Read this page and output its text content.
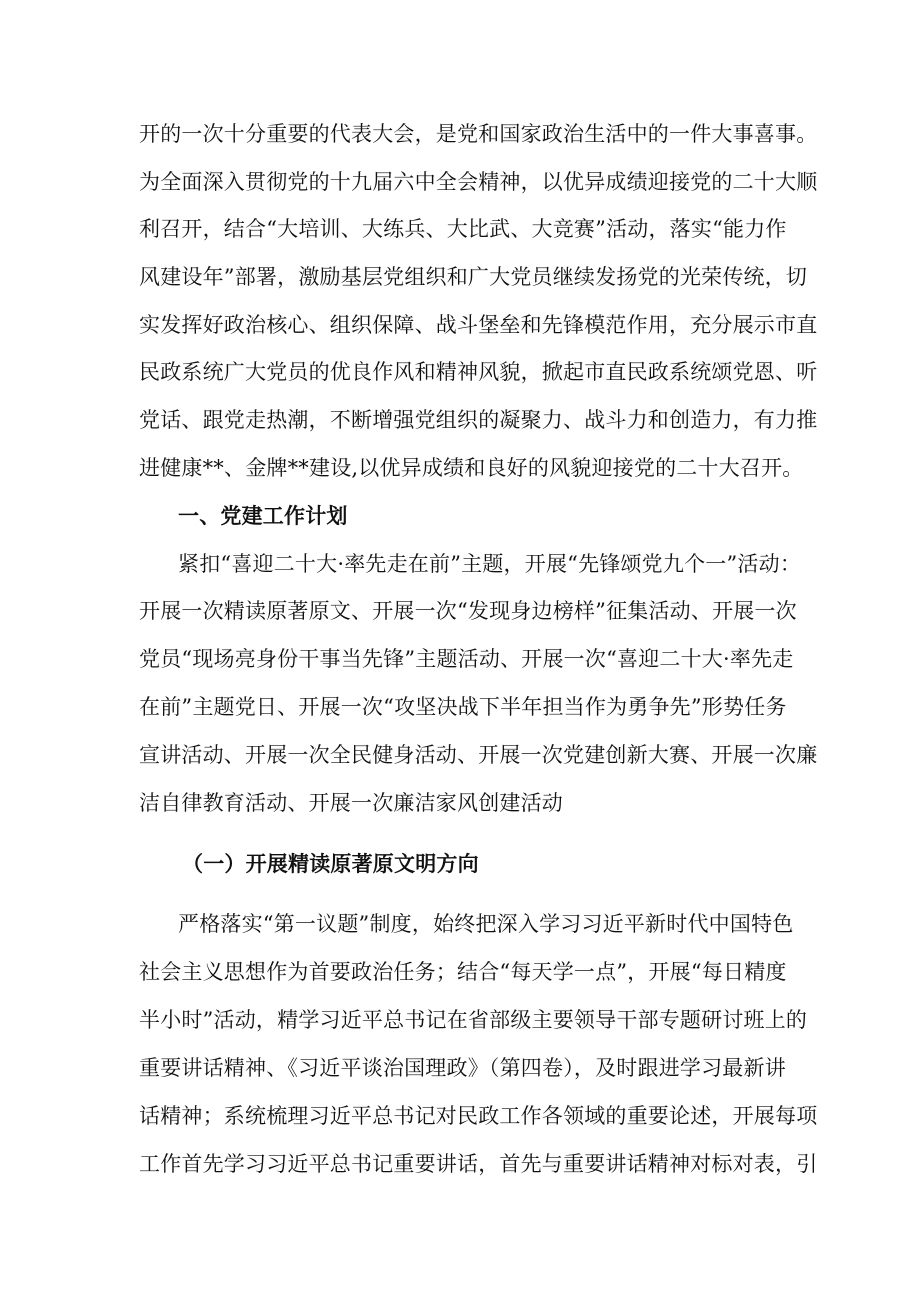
开的一次十分重要的代表大会，是党和国家政治生活中的一件大事喜事。
为全面深入贯彻党的十九届六中全会精神，以优异成绩迎接党的二十大顺
利召开，结合“大培训、大练兵、大比武、大竞赛”活动，落实“能力作
风建设年”部署，激励基层党组织和广大党员继续发扬党的光荣传统，切
实发挥好政治核心、组织保障、战斗堡垒和先锋模范作用，充分展示市直
民政系统广大党员的优良作风和精神风貌，掀起市直民政系统颂党恩、听
党话、跟党走热潮，不断增强党组织的凝聚力、战斗力和创造力，有力推
进健康**、金牌**建设,以优异成绩和良好的风貌迎接党的二十大召开。
一、党建工作计划
紧扣“喜迎二十大·率先走在前”主题，开展“先锋颂党九个一”活动：
开展一次精读原著原文、开展一次“发现身边榜样”征集活动、开展一次
党员“现场亮身份干事当先锋”主题活动、开展一次“喜迎二十大·率先走
在前”主题党日、开展一次“攻坚决战下半年担当作为勇争先”形势任务
宣讲活动、开展一次全民健身活动、开展一次党建创新大赛、开展一次廉
洁自律教育活动、开展一次廉洁家风创建活动
（一）开展精读原著原文明方向
严格落实“第一议题”制度，始终把深入学习习近平新时代中国特色
社会主义思想作为首要政治任务；结合“每天学一点”，开展“每日精度
半小时”活动，精学习近平总书记在省部级主要领导干部专题研讨班上的
重要讲话精神、《习近平谈治国理政》（第四卷），及时跟进学习最新讲
话精神；系统梳理习近平总书记对民政工作各领域的重要论述，开展每项
工作首先学习习近平总书记重要讲话，首先与重要讲话精神对标对表，引
